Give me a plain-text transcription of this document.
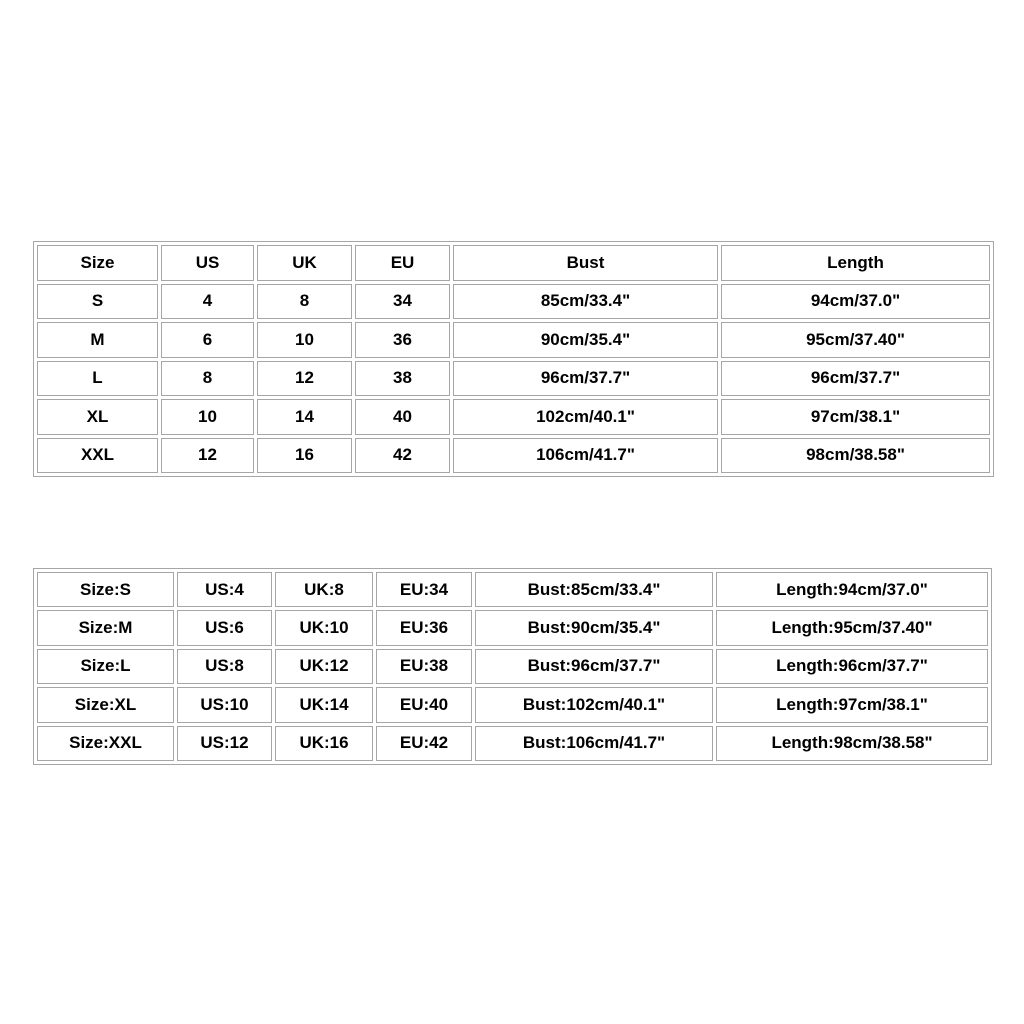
Size	US	UK	EU	Bust	Length
S	4	8	34	85cm/33.4"	94cm/37.0"
M	6	10	36	90cm/35.4"	95cm/37.40"
L	8	12	38	96cm/37.7"	96cm/37.7"
XL	10	14	40	102cm/40.1"	97cm/38.1"
XXL	12	16	42	106cm/41.7"	98cm/38.58"
Size:S	US:4	UK:8	EU:34	Bust:85cm/33.4"	Length:94cm/37.0"
Size:M	US:6	UK:10	EU:36	Bust:90cm/35.4"	Length:95cm/37.40"
Size:L	US:8	UK:12	EU:38	Bust:96cm/37.7"	Length:96cm/37.7"
Size:XL	US:10	UK:14	EU:40	Bust:102cm/40.1"	Length:97cm/38.1"
Size:XXL	US:12	UK:16	EU:42	Bust:106cm/41.7"	Length:98cm/38.58"
